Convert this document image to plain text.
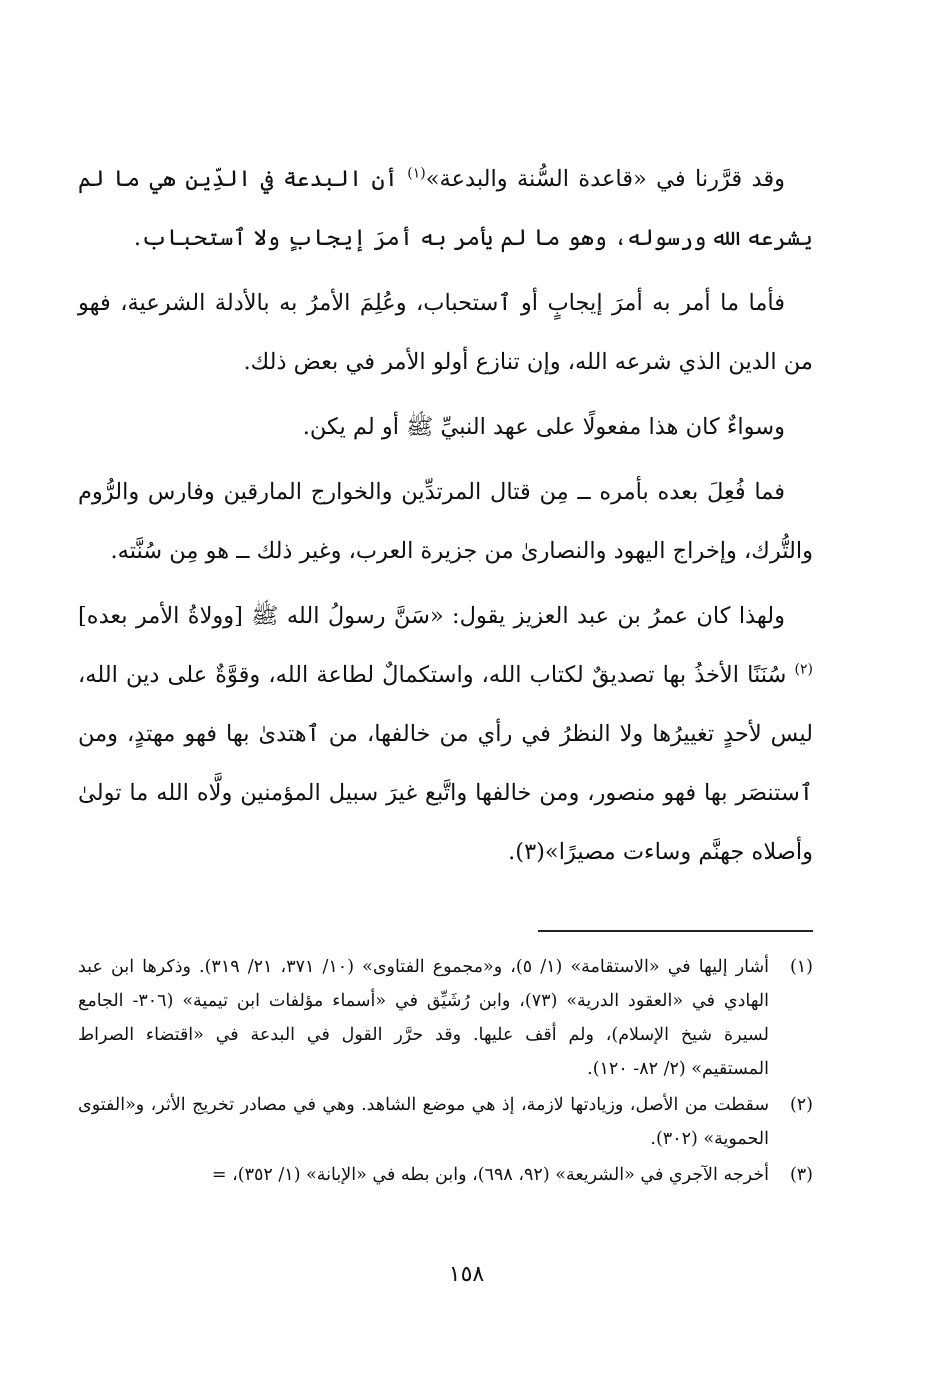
وقد قرَّرنا في «قاعدة السُّنة والبدعة»$^{(١)}$ أن البدعة في الدِّين هي ما لم يشرعه الله ورسوله، وهو ما لم يأمر به أمرَ إيجابٍ ولا ٱستحباب.

فأما ما أمر به أمرَ إيجابٍ أو ٱستحباب، وعُلِمَ الأمرُ به بالأدلة الشرعية، فهو من الدين الذي شرعه الله، وإن تنازع أولو الأمر في بعض ذلك.

وسواءٌ كان هذا مفعولًا على عهد النبيِّ ﷺ أو لم يكن.

فما فُعِلَ بعده بأمره ــ مِن قتال المرتدِّين والخوارج المارقين وفارس والرُّوم والتُّرك، وإخراج اليهود والنصارىٰ من جزيرة العرب، وغير ذلك ــ هو مِن سُنَّته.

ولهذا كان عمرُ بن عبد العزيز يقول: «سَنَّ رسولُ الله ﷺ [وولاةُ الأمر بعده]$^{(٢)}$ سُنَنًا الأخذُ بها تصديقٌ لكتاب الله، واستكمالٌ لطاعة الله، وقوَّةٌ على دين الله، ليس لأحدٍ تغييرُها ولا النظرُ في رأي من خالفها، من ٱهتدىٰ بها فهو مهتدٍ، ومن ٱستنصَر بها فهو منصور، ومن خالفها واتَّبع غيرَ سبيل المؤمنين ولَّاه الله ما تولىٰ وأصلاه جهنَّم وساءت مصيرًا»(٣).

(١)
أشار إليها في «الاستقامة» (١/ ٥)، و«مجموع الفتاوى» (١٠/ ٣٧١، ٢١/ ٣١٩). وذكرها ابن عبد الهادي في «العقود الدرية» (٧٣)، وابن رُشَيِّق في «أسماء مؤلفات ابن تيمية» (٣٠٦- الجامع لسيرة شيخ الإسلام)، ولم أقف عليها. وقد حرَّر القول في البدعة في «اقتضاء الصراط المستقيم» (٢/ ٨٢- ١٢٠).
(٢)
سقطت من الأصل، وزيادتها لازمة، إذ هي موضع الشاهد. وهي في مصادر تخريج الأثر، و«الفتوى الحموية» (٣٠٢).
(٣)
أخرجه الآجري في «الشريعة» (٩٢، ٦٩٨)، وابن بطه في «الإبانة» (١/ ٣٥٢)، =
١٥٨
